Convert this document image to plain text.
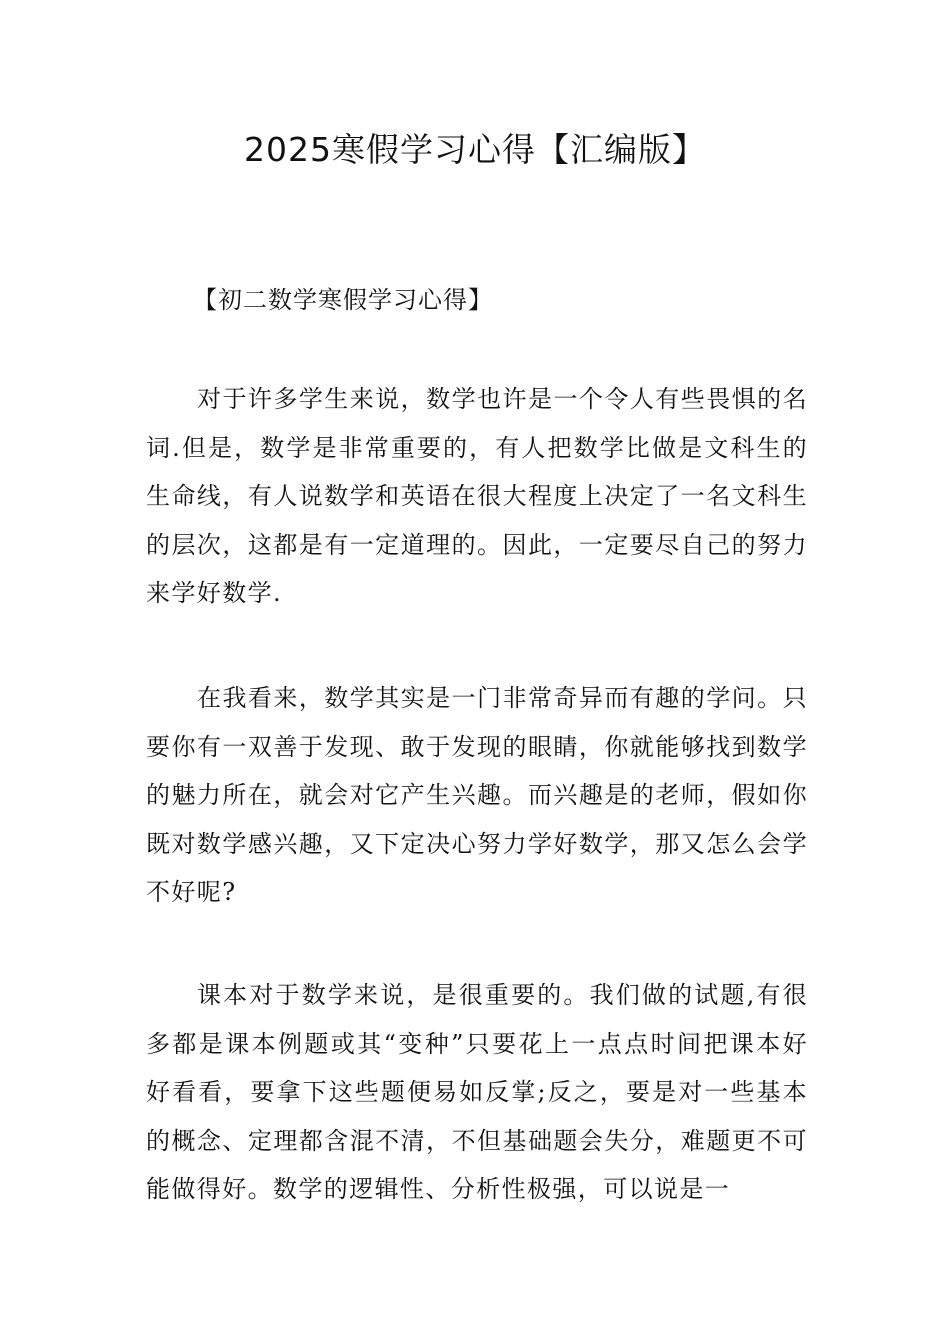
2025寒假学习心得【汇编版】
【初二数学寒假学习心得】

对于许多学生来说，数学也许是一个令人有些畏惧的名词.但是，数学是非常重要的，有人把数学比做是文科生的生命线，有人说数学和英语在很大程度上决定了一名文科生的层次，这都是有一定道理的。因此，一定要尽自己的努力来学好数学.

在我看来，数学其实是一门非常奇异而有趣的学问。只要你有一双善于发现、敢于发现的眼睛，你就能够找到数学的魅力所在，就会对它产生兴趣。而兴趣是的老师，假如你既对数学感兴趣，又下定决心努力学好数学，那又怎么会学不好呢?

课本对于数学来说，是很重要的。我们做的试题,有很多都是课本例题或其“变种”只要花上一点点时间把课本好好看看，要拿下这些题便易如反掌;反之，要是对一些基本的概念、定理都含混不清，不但基础题会失分，难题更不可能做得好。数学的逻辑性、分析性极强，可以说是一
